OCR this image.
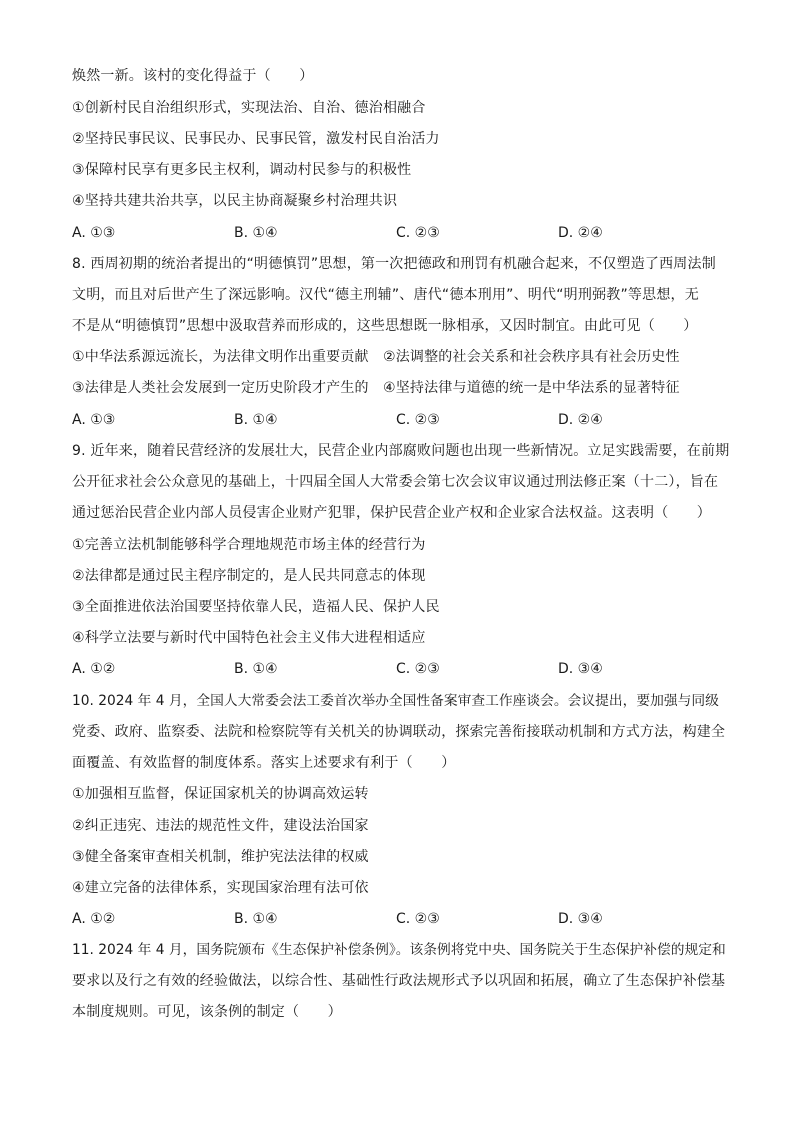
焕然一新。该村的变化得益于（　　）
①创新村民自治组织形式，实现法治、自治、德治相融合
②坚持民事民议、民事民办、民事民管，激发村民自治活力
③保障村民享有更多民主权利，调动村民参与的积极性
④坚持共建共治共享，以民主协商凝聚乡村治理共识
A. ①③	B. ①④	C. ②③	D. ②④
8. 西周初期的统治者提出的“明德慎罚”思想，第一次把德政和刑罚有机融合起来，不仅塑造了西周法制
文明，而且对后世产生了深远影响。汉代“德主刑辅”、唐代“德本刑用”、明代“明刑弼教”等思想，无
不是从“明德慎罚”思想中汲取营养而形成的，这些思想既一脉相承，又因时制宜。由此可见（　　）
①中华法系源远流长，为法律文明作出重要贡献　②法调整的社会关系和社会秩序具有社会历史性
③法律是人类社会发展到一定历史阶段才产生的　④坚持法律与道德的统一是中华法系的显著特征
A. ①③	B. ①④	C. ②③	D. ②④
9. 近年来，随着民营经济的发展壮大，民营企业内部腐败问题也出现一些新情况。立足实践需要，在前期
公开征求社会公众意见的基础上，十四届全国人大常委会第七次会议审议通过刑法修正案（十二），旨在
通过惩治民营企业内部人员侵害企业财产犯罪，保护民营企业产权和企业家合法权益。这表明（　　）
①完善立法机制能够科学合理地规范市场主体的经营行为
②法律都是通过民主程序制定的，是人民共同意志的体现
③全面推进依法治国要坚持依靠人民，造福人民、保护人民
④科学立法要与新时代中国特色社会主义伟大进程相适应
A. ①②	B. ①④	C. ②③	D. ③④
10. 2024 年 4 月，全国人大常委会法工委首次举办全国性备案审查工作座谈会。会议提出，要加强与同级
党委、政府、监察委、法院和检察院等有关机关的协调联动，探索完善衔接联动机制和方式方法，构建全
面覆盖、有效监督的制度体系。落实上述要求有利于（　　）
①加强相互监督，保证国家机关的协调高效运转
②纠正违宪、违法的规范性文件，建设法治国家
③健全备案审查相关机制，维护宪法法律的权威
④建立完备的法律体系，实现国家治理有法可依
A. ①②	B. ①④	C. ②③	D. ③④
11. 2024 年 4 月，国务院颁布《生态保护补偿条例》。该条例将党中央、国务院关于生态保护补偿的规定和
要求以及行之有效的经验做法，以综合性、基础性行政法规形式予以巩固和拓展，确立了生态保护补偿基
本制度规则。可见，该条例的制定（　　）
